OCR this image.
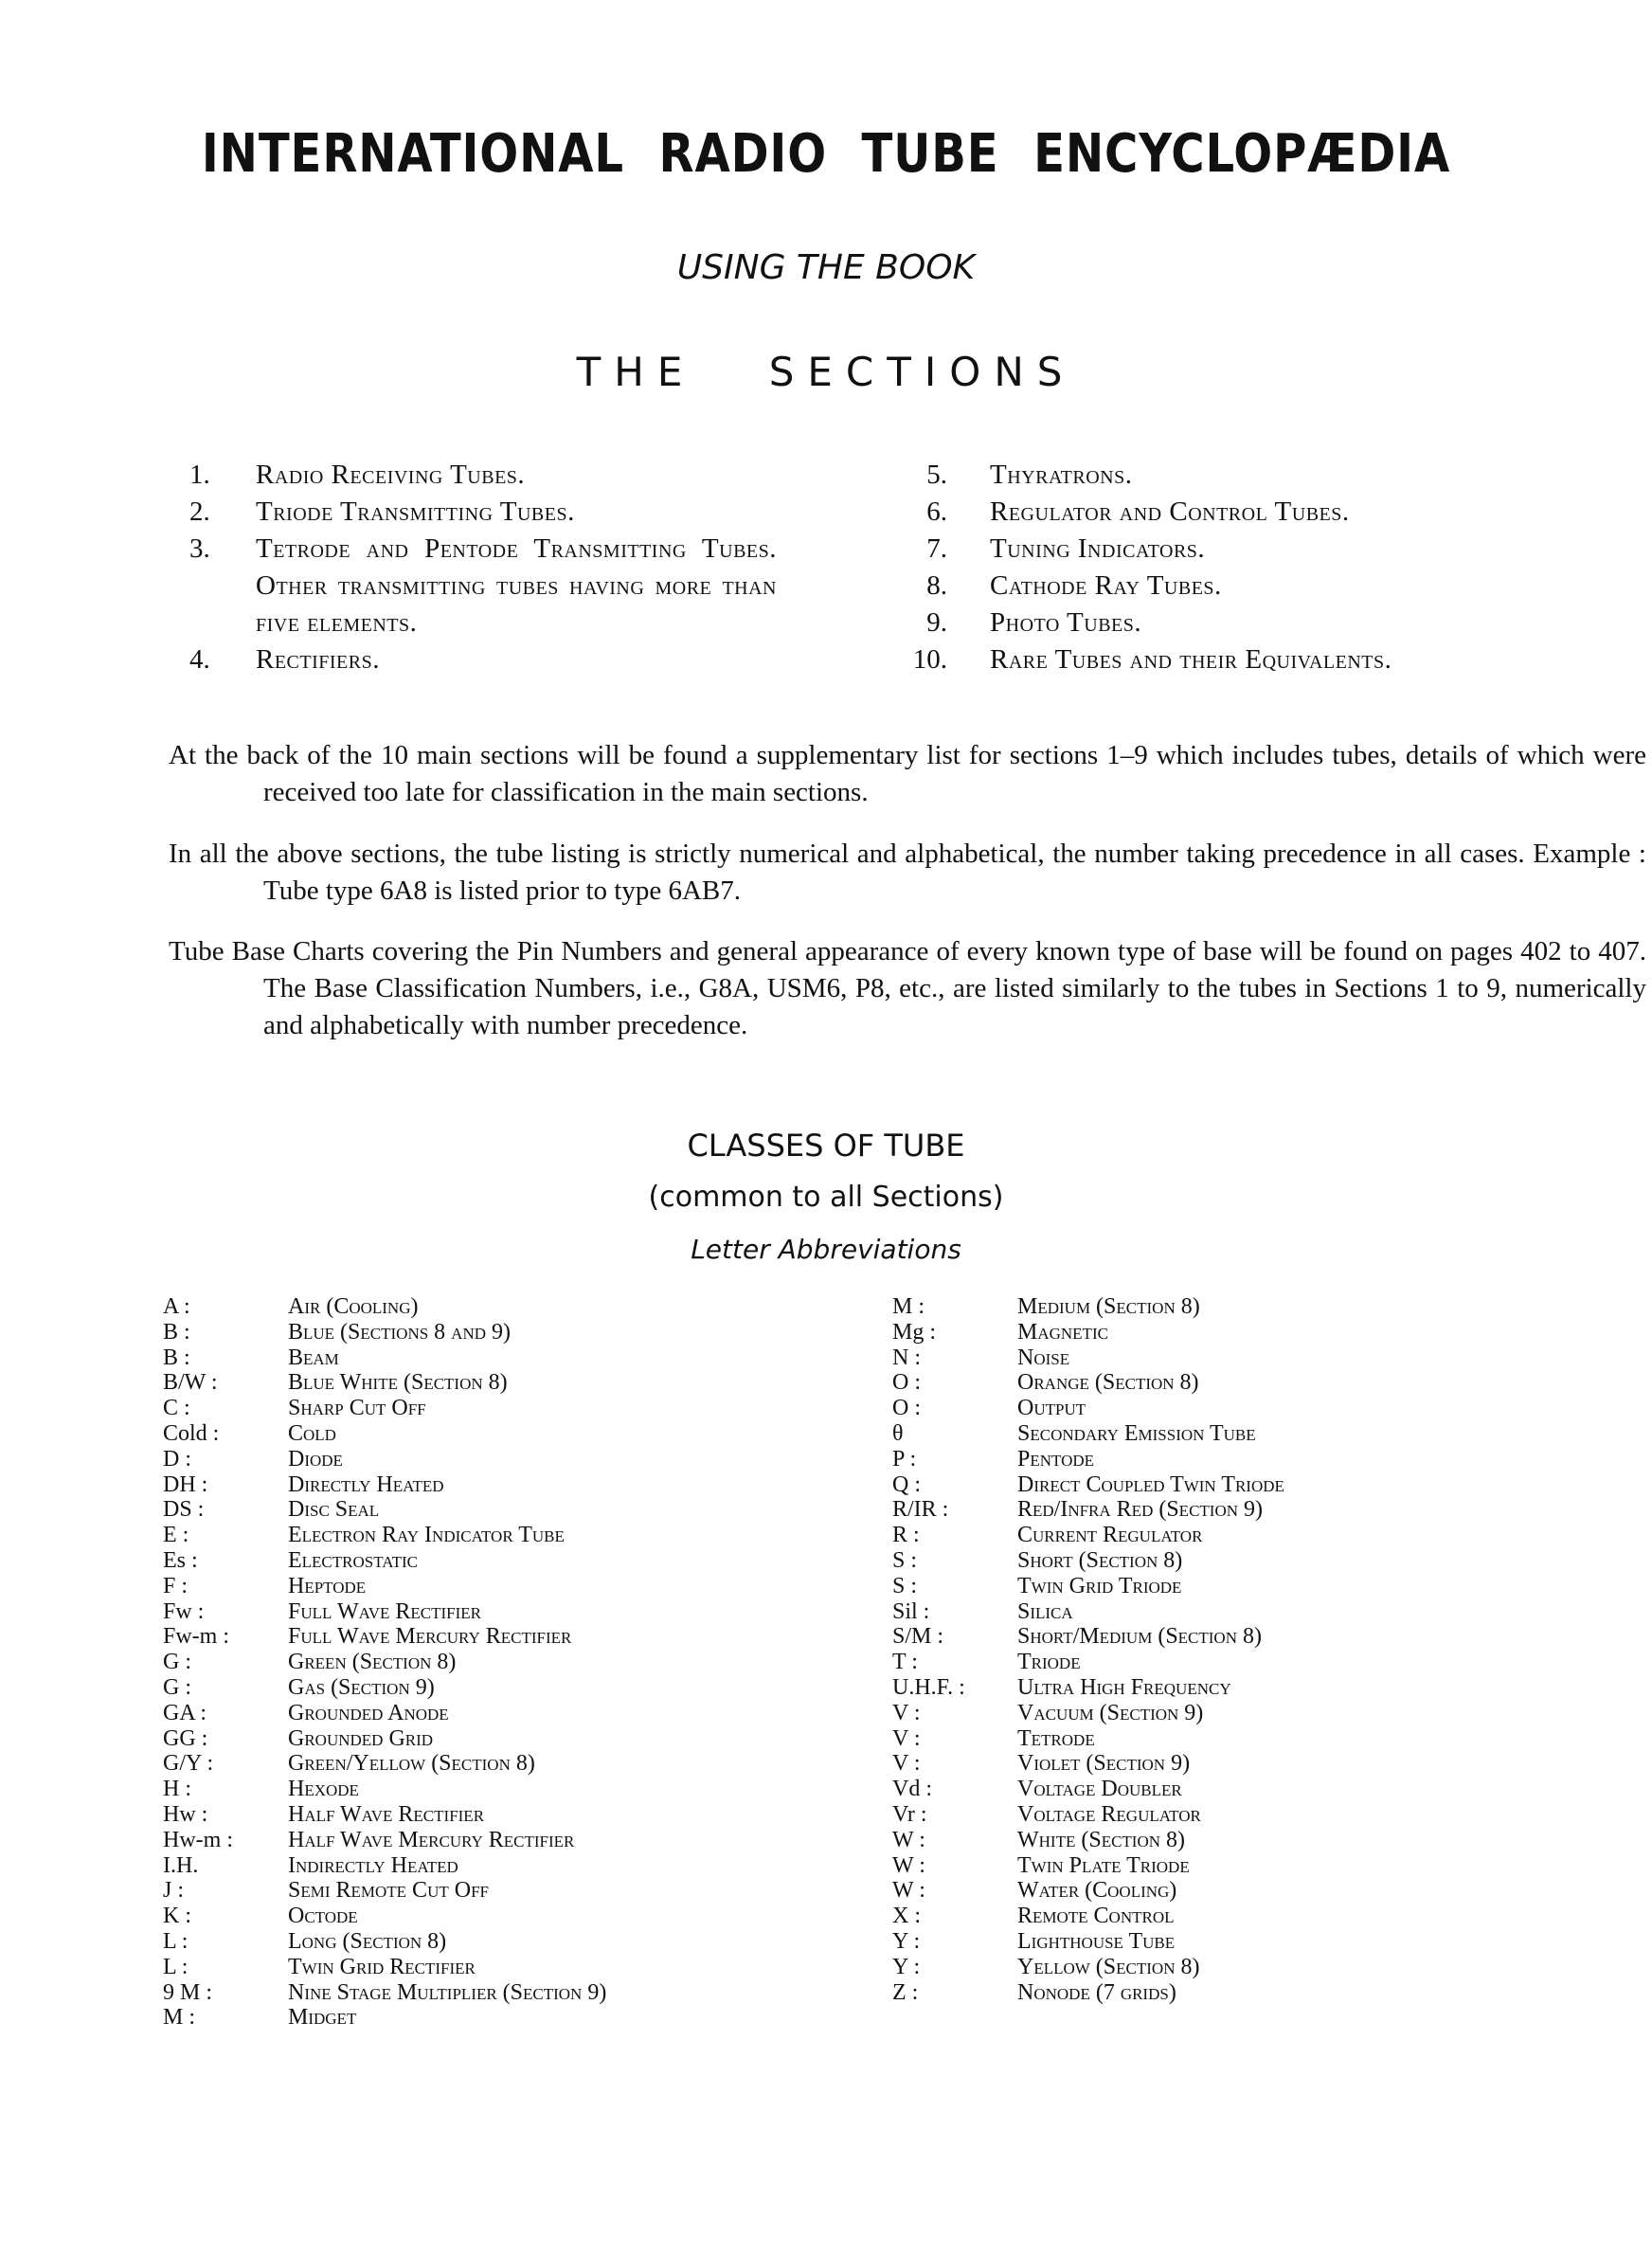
INTERNATIONAL RADIO TUBE ENCYCLOPÆDIA
USING THE BOOK
THE SECTIONS
1.	Radio Receiving Tubes.
2.	Triode Transmitting Tubes.
3.	Tetrode and Pentode Transmitting Tubes. Other transmitting tubes having more than five elements.
4.	Rectifiers.
5. Thyratrons.
6. Regulator and Control Tubes.
7. Tuning Indicators.
8. Cathode Ray Tubes.
9. Photo Tubes.
10. Rare Tubes and their Equivalents.
At the back of the 10 main sections will be found a supplementary list for sections 1–9 which includes tubes, details of which were received too late for classification in the main sections.
In all the above sections, the tube listing is strictly numerical and alphabetical, the number taking precedence in all cases. Example : Tube type 6A8 is listed prior to type 6AB7.
Tube Base Charts covering the Pin Numbers and general appearance of every known type of base will be found on pages 402 to 407. The Base Classification Numbers, i.e., G8A, USM6, P8, etc., are listed similarly to the tubes in Sections 1 to 9, numerically and alphabetically with number precedence.
CLASSES OF TUBE
(common to all Sections)
Letter Abbreviations
A :	Air (Cooling)
B :	Blue (Sections 8 and 9)
B :	Beam
B/W :	Blue White (Section 8)
C :	Sharp Cut Off
Cold :	Cold
D :	Diode
DH :	Directly Heated
DS :	Disc Seal
E :	Electron Ray Indicator Tube
Es :	Electrostatic
F :	Heptode
Fw :	Full Wave Rectifier
Fw-m :	Full Wave Mercury Rectifier
G :	Green (Section 8)
G :	Gas (Section 9)
GA :	Grounded Anode
GG :	Grounded Grid
G/Y :	Green/Yellow (Section 8)
H :	Hexode
Hw :	Half Wave Rectifier
Hw-m : Half Wave Mercury Rectifier
I.H.	Indirectly Heated
J :	Semi Remote Cut Off
K :	Octode
L :	Long (Section 8)
L :	Twin Grid Rectifier
9 M :	Nine Stage Multiplier (Section 9)
M :	Midget
M :	Medium (Section 8)
Mg :	Magnetic
N :	Noise
O :	Orange (Section 8)
O :	Output
θ	Secondary Emission Tube
P :	Pentode
Q :	Direct Coupled Twin Triode
R/IR :	Red/Infra Red (Section 9)
R :	Current Regulator
S :	Short (Section 8)
S :	Twin Grid Triode
Sil :	Silica
S/M :	Short/Medium (Section 8)
T :	Triode
U.H.F. : Ultra High Frequency
V :	Vacuum (Section 9)
V :	Tetrode
V :	Violet (Section 9)
Vd :	Voltage Doubler
Vr :	Voltage Regulator
W :	White (Section 8)
W :	Twin Plate Triode
W :	Water (Cooling)
X :	Remote Control
Y :	Lighthouse Tube
Y :	Yellow (Section 8)
Z :	Nonode (7 grids)
